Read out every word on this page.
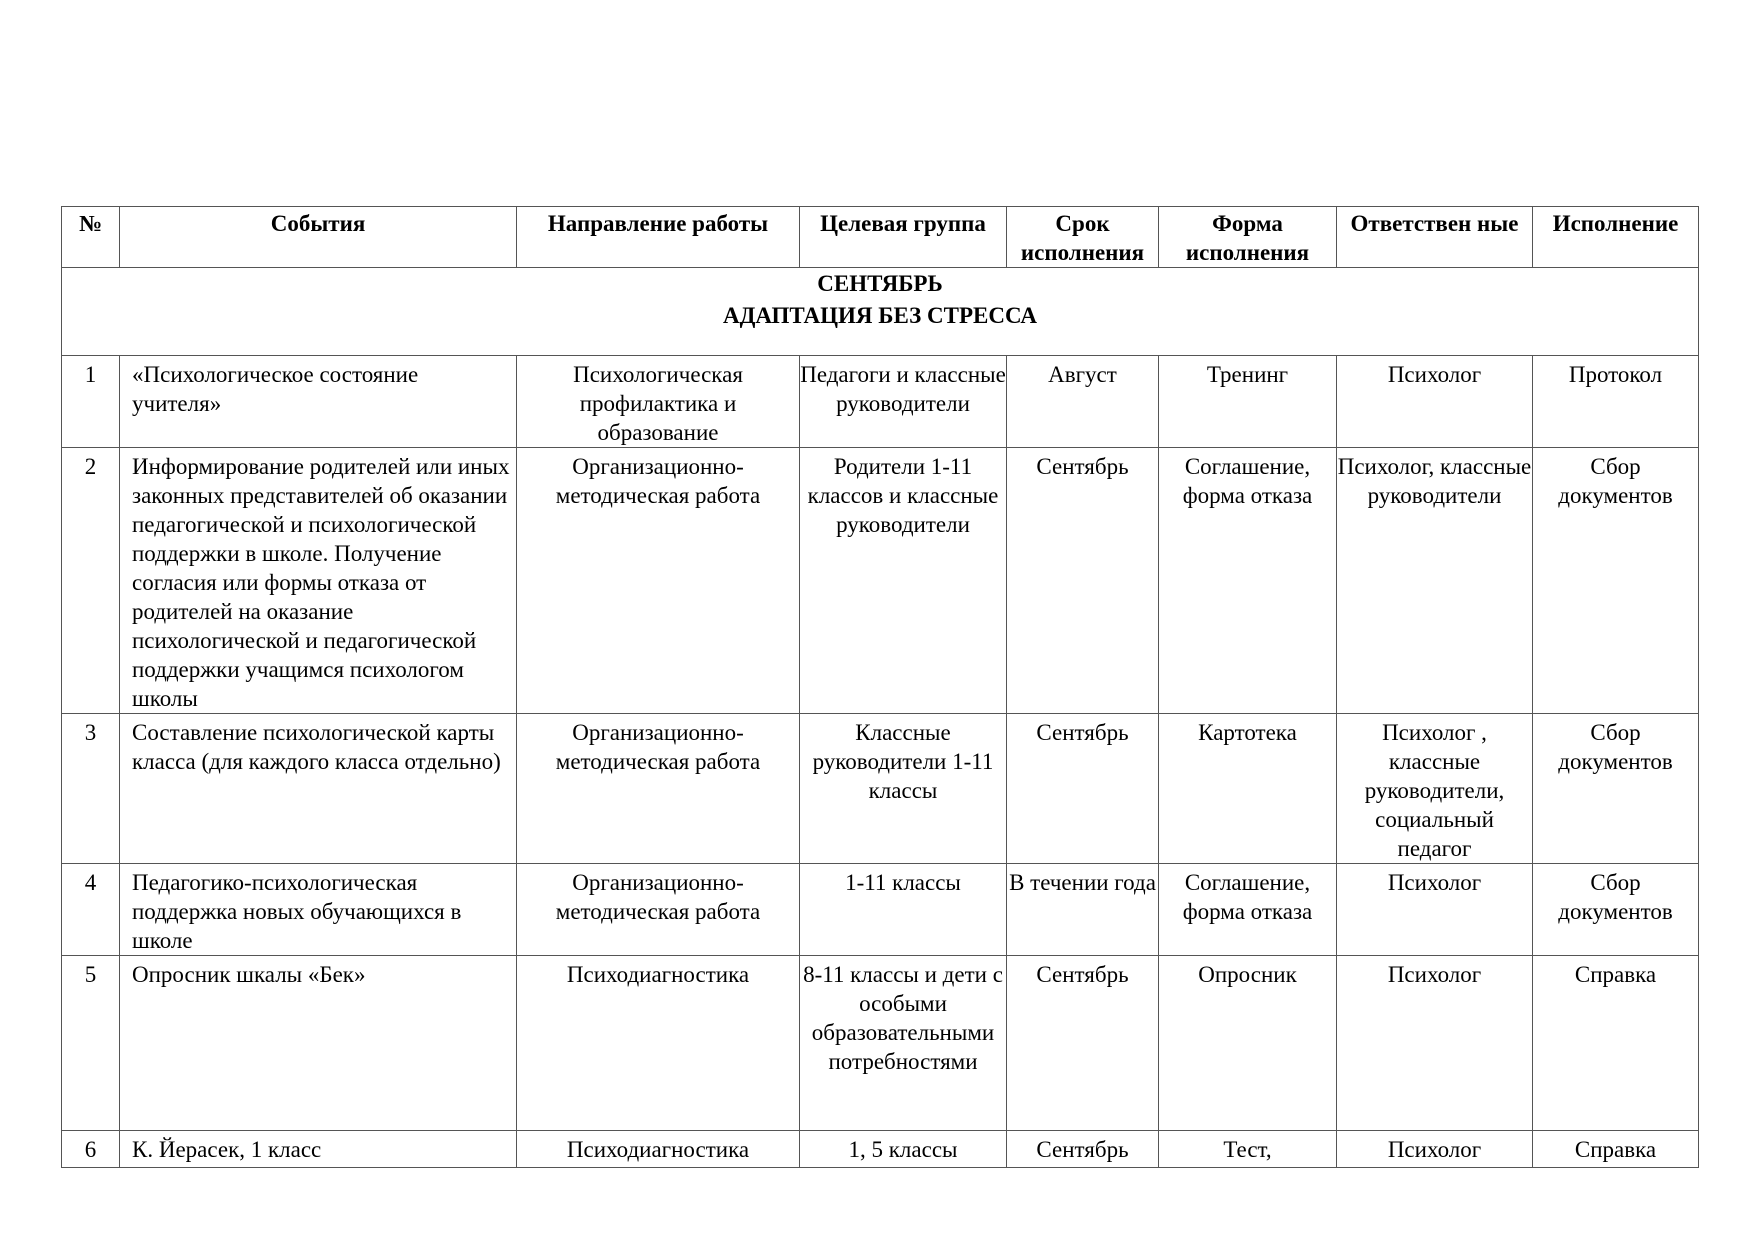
№	События	Направление работы	Целевая группа	Срок исполнения	Форма исполнения	Ответствен ные	Исполнение

СЕНТЯБРЬ
АДАПТАЦИЯ БЕЗ СТРЕССА							

1	«Психологическое состояние учителя»	Психологическая профилактика и образование	Педагоги и классные руководители	Август	Тренинг	Психолог	Протокол

2	Информирование родителей или иных законных представителей об оказании педагогической и психологической поддержки в школе. Получение согласия или формы отказа от родителей на оказание психологической и педагогической поддержки учащимся психологом школы	Организационно-методическая работа	Родители 1-11 классов и классные руководители	Сентябрь	Соглашение, форма отказа	Психолог, классные руководители	Сбор документов

3	Составление психологической карты класса (для каждого класса отдельно)	Организационно-методическая работа	Классные руководители 1-11 классы	Сентябрь	Картотека	Психолог , классные руководители, социальный педагог	Сбор документов

4	Педагогико-психологическая поддержка новых обучающихся в школе	Организационно-методическая работа	1-11 классы	В течении года	Соглашение, форма отказа	Психолог	Сбор документов

5	Опросник шкалы «Бек»	Психодиагностика	8-11 классы и дети с особыми образовательными потребностями	Сентябрь	Опросник	Психолог	Справка

6	К. Йерасек, 1 класс	Психодиагностика	1, 5 классы	Сентябрь	Тест,	Психолог	Справка
